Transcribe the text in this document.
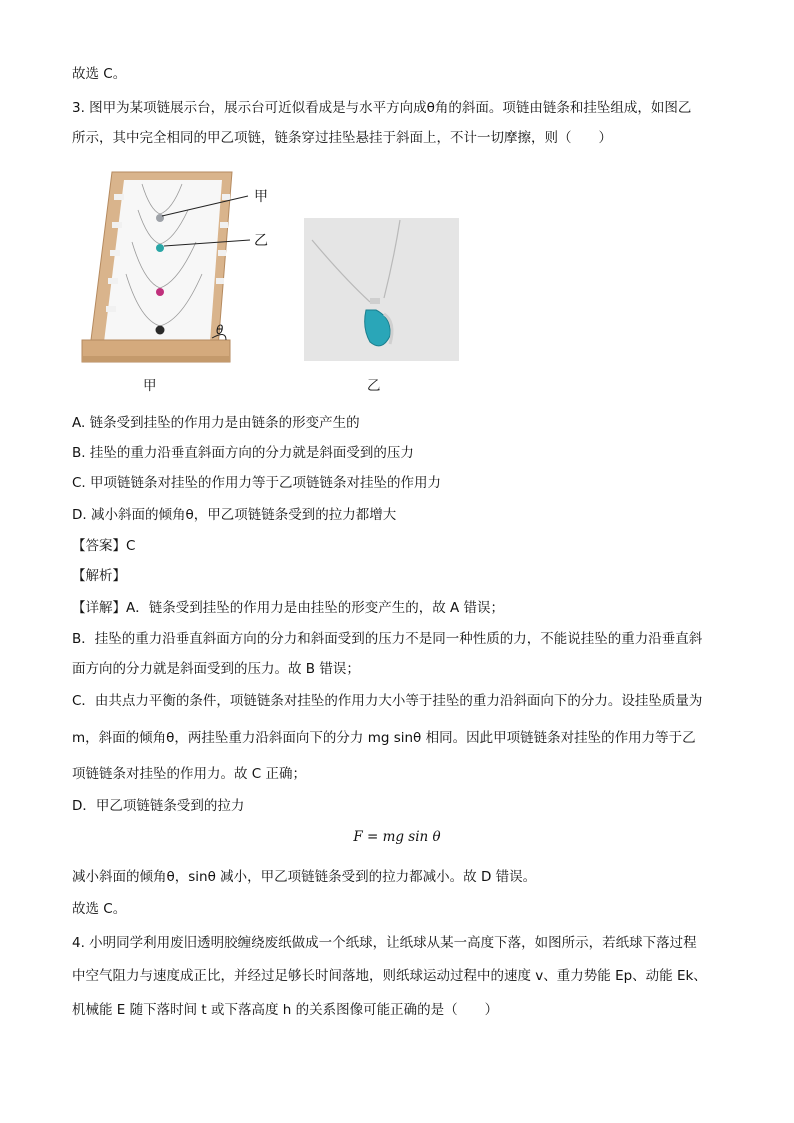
故选 C。
3. 图甲为某项链展示台，展示台可近似看成是与水平方向成θ角的斜面。项链由链条和挂坠组成，如图乙
所示，其中完全相同的甲乙项链，链条穿过挂坠悬挂于斜面上，不计一切摩擦，则（　　）
甲
乙
θ
甲	乙
A. 链条受到挂坠的作用力是由链条的形变产生的
B. 挂坠的重力沿垂直斜面方向的分力就是斜面受到的压力
C. 甲项链链条对挂坠的作用力等于乙项链链条对挂坠的作用力
D. 减小斜面的倾角θ，甲乙项链链条受到的拉力都增大
【答案】C
【解析】
【详解】A．链条受到挂坠的作用力是由挂坠的形变产生的，故 A 错误；
B．挂坠的重力沿垂直斜面方向的分力和斜面受到的压力不是同一种性质的力，不能说挂坠的重力沿垂直斜
面方向的分力就是斜面受到的压力。故 B 错误；
C．由共点力平衡的条件，项链链条对挂坠的作用力大小等于挂坠的重力沿斜面向下的分力。设挂坠质量为
m，斜面的倾角θ，两挂坠重力沿斜面向下的分力 mg sinθ 相同。因此甲项链链条对挂坠的作用力等于乙
项链链条对挂坠的作用力。故 C 正确；
D．甲乙项链链条受到的拉力
F = mg sin θ
减小斜面的倾角θ，sinθ 减小，甲乙项链链条受到的拉力都减小。故 D 错误。
故选 C。
4. 小明同学利用废旧透明胶缠绕废纸做成一个纸球，让纸球从某一高度下落，如图所示，若纸球下落过程
中空气阻力与速度成正比，并经过足够长时间落地，则纸球运动过程中的速度 v、重力势能 Ep、动能 Ek、
机械能 E 随下落时间 t 或下落高度 h 的关系图像可能正确的是（　　）
